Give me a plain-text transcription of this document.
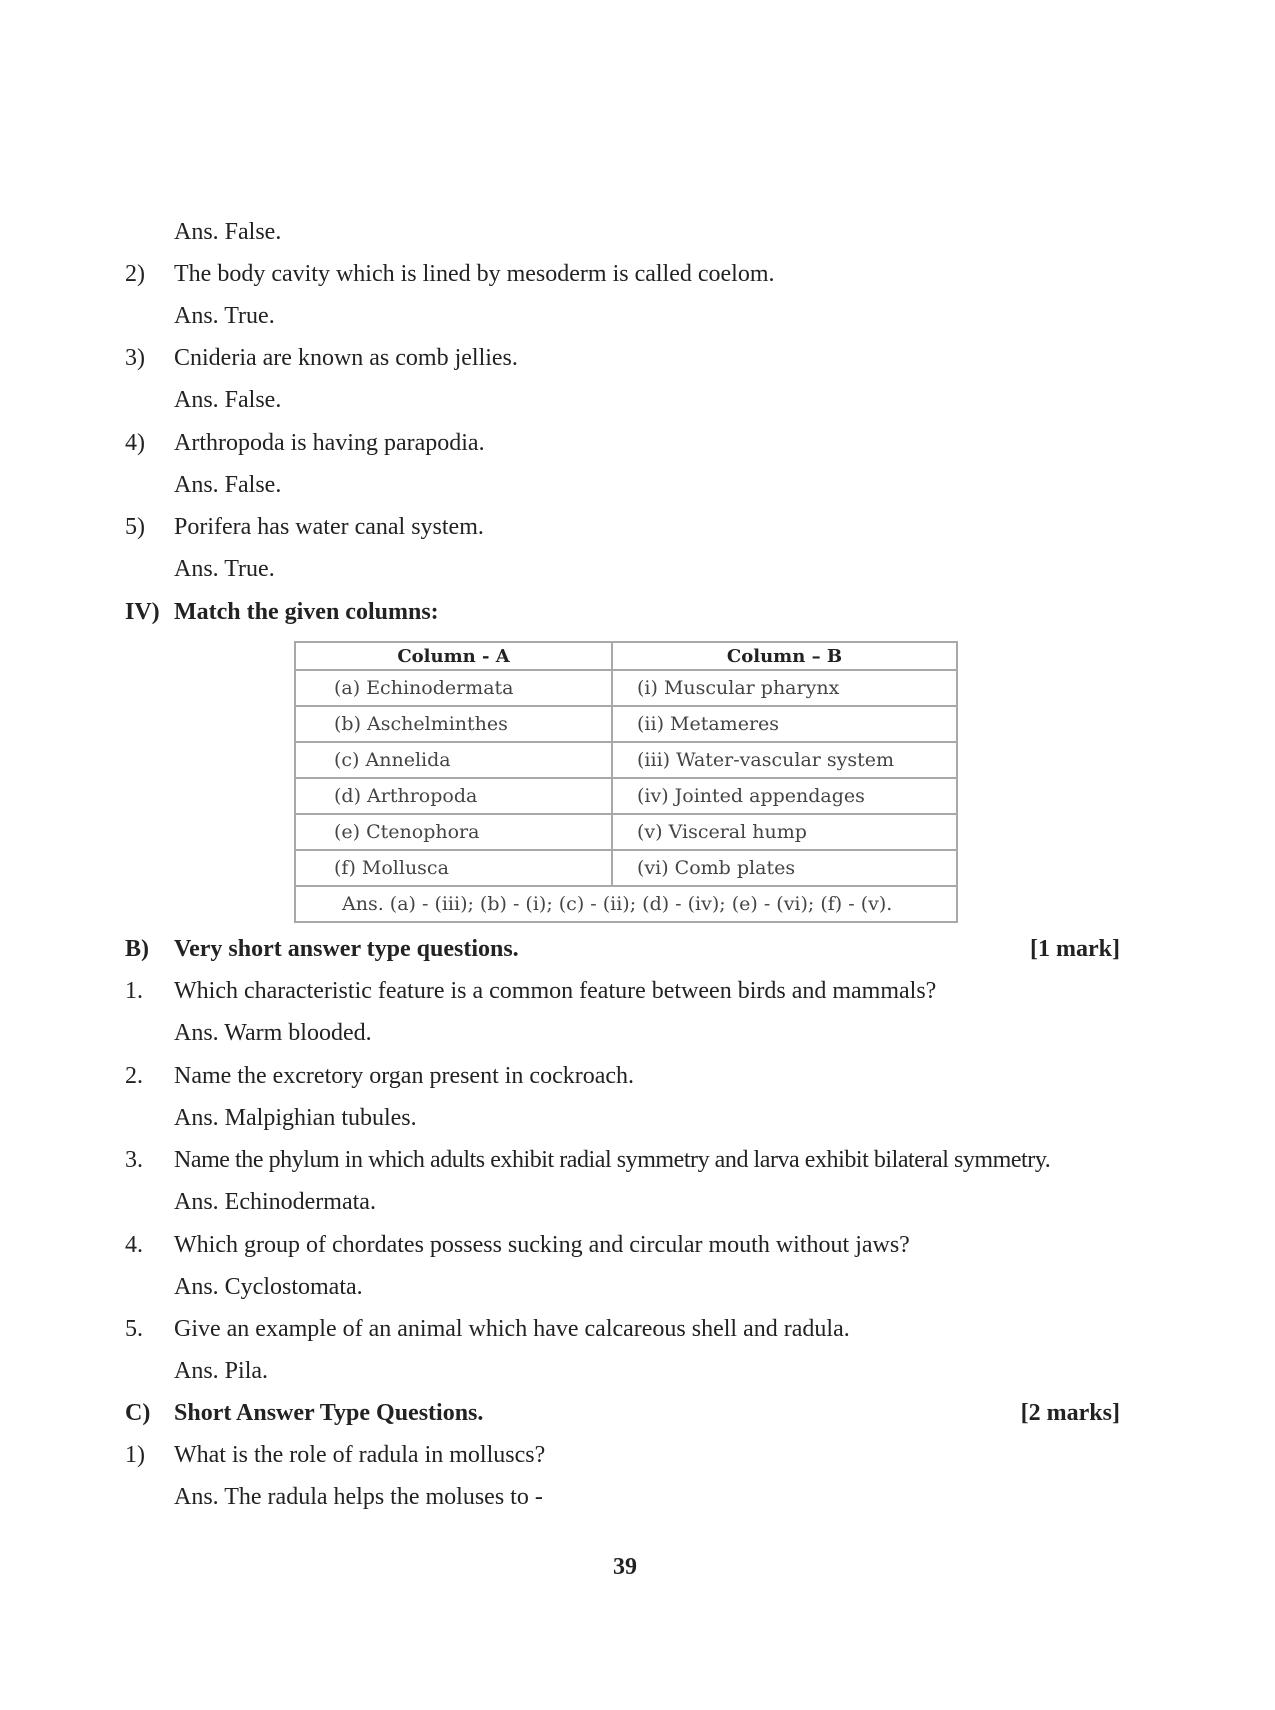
Ans. False.
2) The body cavity which is lined by mesoderm is called coelom.
Ans. True.
3) Cnideria are known as comb jellies.
Ans. False.
4) Arthropoda is having parapodia.
Ans. False.
5) Porifera has water canal system.
Ans. True.
IV) Match the given columns:
Column - A	Column – B
(a) Echinodermata	(i) Muscular pharynx
(b) Aschelminthes	(ii) Metameres
(c) Annelida	(iii) Water-vascular system
(d) Arthropoda	(iv) Jointed appendages
(e) Ctenophora	(v) Visceral hump
(f) Mollusca	(vi) Comb plates
Ans. (a) - (iii); (b) - (i); (c) - (ii); (d) - (iv); (e) - (vi); (f) - (v).	
B) Very short answer type questions.	[1 mark]
1. Which characteristic feature is a common feature between birds and mammals?
Ans. Warm blooded.
2. Name the excretory organ present in cockroach.
Ans. Malpighian tubules.
3. Name the phylum in which adults exhibit radial symmetry and larva exhibit bilateral symmetry.
Ans. Echinodermata.
4. Which group of chordates possess sucking and circular mouth without jaws?
Ans. Cyclostomata.
5. Give an example of an animal which have calcareous shell and radula.
Ans. Pila.
C) Short Answer Type Questions.	[2 marks]
1) What is the role of radula in molluscs?
Ans. The radula helps the moluses to -
39
